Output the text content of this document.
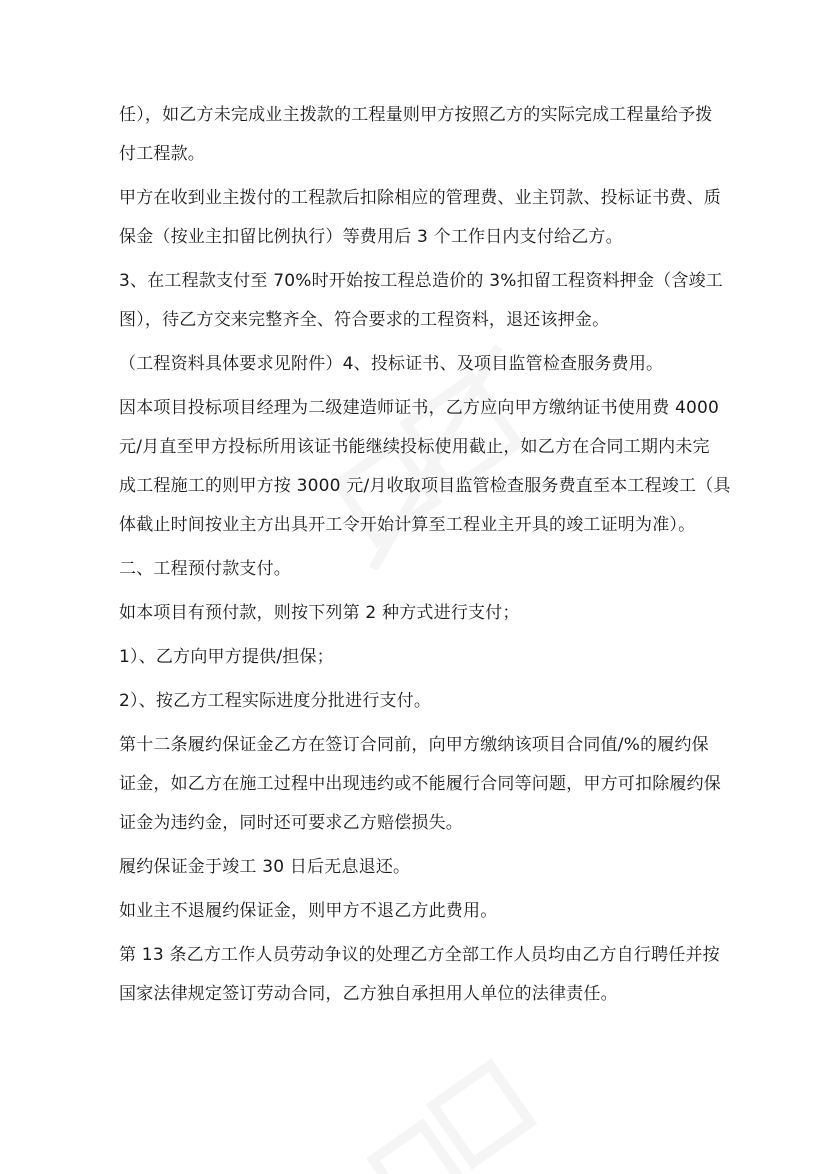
任），如乙方未完成业主拨款的工程量则甲方按照乙方的实际完成工程量给予拨
付工程款。
甲方在收到业主拨付的工程款后扣除相应的管理费、业主罚款、投标证书费、质
保金（按业主扣留比例执行）等费用后 3 个工作日内支付给乙方。
3、在工程款支付至 70%时开始按工程总造价的 3%扣留工程资料押金（含竣工
图），待乙方交来完整齐全、符合要求的工程资料，退还该押金。
（工程资料具体要求见附件）4、投标证书、及项目监管检查服务费用。
因本项目投标项目经理为二级建造师证书，乙方应向甲方缴纳证书使用费 4000
元/月直至甲方投标所用该证书能继续投标使用截止，如乙方在合同工期内未完
成工程施工的则甲方按 3000 元/月收取项目监管检查服务费直至本工程竣工（具
体截止时间按业主方出具开工令开始计算至工程业主开具的竣工证明为准）。
二、工程预付款支付。
如本项目有预付款，则按下列第 2 种方式进行支付；
1）、乙方向甲方提供/担保；
2）、按乙方工程实际进度分批进行支付。
第十二条履约保证金乙方在签订合同前，向甲方缴纳该项目合同值/%的履约保
证金，如乙方在施工过程中出现违约或不能履行合同等问题，甲方可扣除履约保
证金为违约金，同时还可要求乙方赔偿损失。
履约保证金于竣工 30 日后无息退还。
如业主不退履约保证金，则甲方不退乙方此费用。
第 13 条乙方工作人员劳动争议的处理乙方全部工作人员均由乙方自行聘任并按
国家法律规定签订劳动合同，乙方独自承担用人单位的法律责任。
